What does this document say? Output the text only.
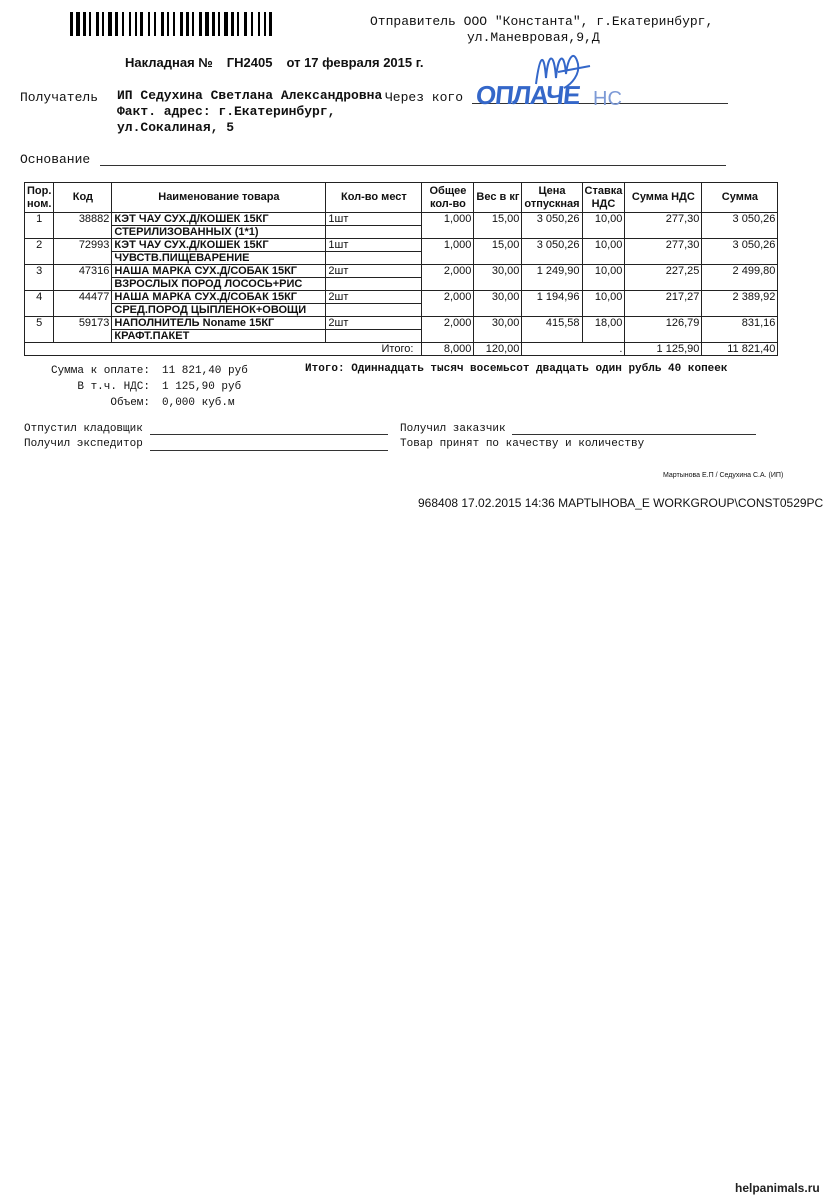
Отправитель ООО "Константа", г.Екатеринбург,
ул.Маневровая,9,Д
Накладная № ГН2405 от 17 февраля 2015 г.
Получатель ИП Седухина Светлана Александровна Факт. адрес: г.Екатеринбург, ул.Сокалиная, 5
Через кого ОПЛАЧЕ НС
Основание
Пор. ном.	Код	Наименование товара	Кол-во мест	Общее кол-во	Вес в кг	Цена отпускная	Ставка НДС	Сумма НДС	Сумма
1	38882	КЭТ ЧАУ СУХ.Д/КОШЕК 15КГ	1шт	1,000	15,00	3 050,26	10,00	277,30	3 050,26
		СТЕРИЛИЗОВАННЫХ (1*1)							
2	72993	КЭТ ЧАУ СУХ.Д/КОШЕК 15КГ	1шт	1,000	15,00	3 050,26	10,00	277,30	3 050,26
		ЧУВСТВ.ПИЩЕВАРЕНИЕ							
3	47316	НАША МАРКА СУХ.Д/СОБАК 15КГ	2шт	2,000	30,00	1 249,90	10,00	227,25	2 499,80
		ВЗРОСЛЫХ ПОРОД ЛОСОСЬ+РИС							
4	44477	НАША МАРКА СУХ.Д/СОБАК 15КГ	2шт	2,000	30,00	1 194,96	10,00	217,27	2 389,92
		СРЕД.ПОРОД ЦЫПЛЕНОК+ОВОЩИ							
5	59173	НАПОЛНИТЕЛЬ Noname 15КГ	2шт	2,000	30,00	415,58	18,00	126,79	831,16
		КРАФТ.ПАКЕТ							
Итого:				8,000	120,00	.		1 125,90	11 821,40
Сумма к оплате: 11 821,40 руб
В т.ч. НДС: 1 125,90 руб
Объем: 0,000 куб.м
Итого: Одиннадцать тысяч восемьсот двадцать один рубль 40 копеек
Отпустил кладовщик	Получил заказчик
Получил экспедитор	Товар принят по качеству и количеству
Мартынова Е.П / Седухина С.А. (ИП)
968408 17.02.2015 14:36 МАРТЫНОВА_E WORKGROUP\CONST0529PC
helpanimals.ru
